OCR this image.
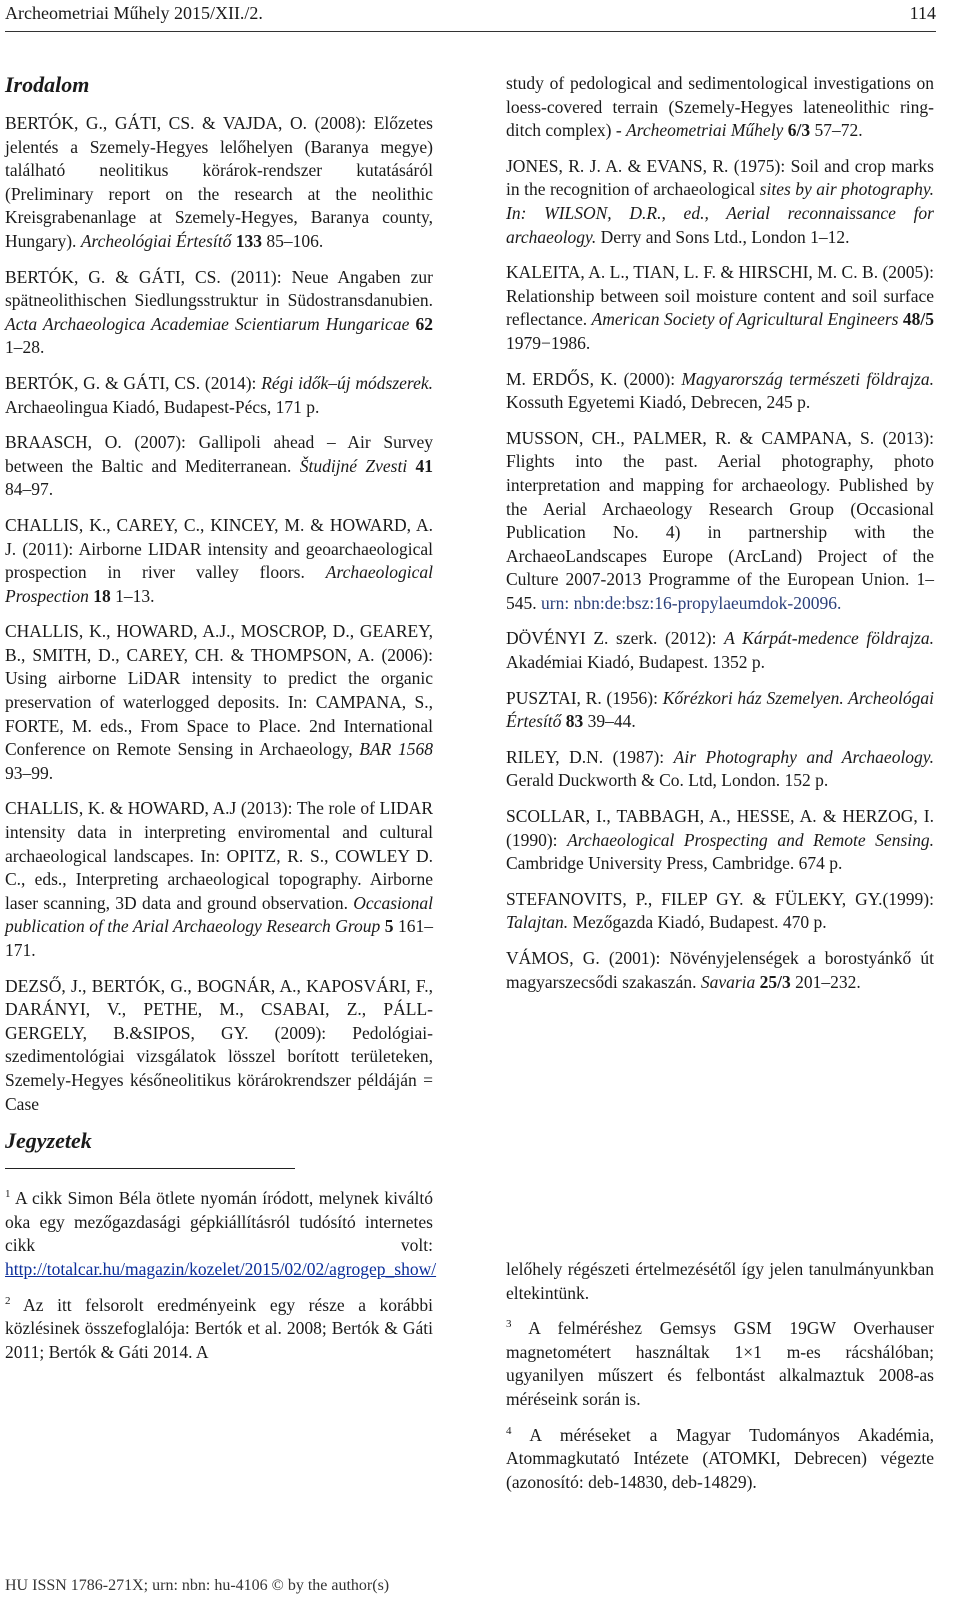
Archeometriai Műhely 2015/XII./2.	114
Irodalom

BERTÓK, G., GÁTI, CS. & VAJDA, O. (2008): Előzetes jelentés a Szemely-Hegyes lelőhelyen (Baranya megye) található neolitikus körárok-rendszer kutatásáról (Preliminary report on the research at the neolithic Kreisgrabenanlage at Szemely-Hegyes, Baranya county, Hungary). Archeológiai Értesítő 133 85–106.

BERTÓK, G. & GÁTI, CS. (2011): Neue Angaben zur spätneolithischen Siedlungsstruktur in Südostransdanubien. Acta Archaeologica Academiae Scientiarum Hungaricae 62 1–28.

BERTÓK, G. & GÁTI, CS. (2014): Régi idők–új módszerek. Archaeolingua Kiadó, Budapest-Pécs, 171 p.

BRAASCH, O. (2007): Gallipoli ahead – Air Survey between the Baltic and Mediterranean. Študijné Zvesti 41 84–97.

CHALLIS, K., CAREY, C., KINCEY, M. & HOWARD, A. J. (2011): Airborne LIDAR intensity and geoarchaeological prospection in river valley floors. Archaeological Prospection 18 1–13.

CHALLIS, K., HOWARD, A.J., MOSCROP, D., GEAREY, B., SMITH, D., CAREY, CH. & THOMPSON, A. (2006): Using airborne LiDAR intensity to predict the organic preservation of waterlogged deposits. In: CAMPANA, S., FORTE, M. eds., From Space to Place. 2nd International Conference on Remote Sensing in Archaeology, BAR 1568 93–99.

CHALLIS, K. & HOWARD, A.J (2013): The role of LIDAR intensity data in interpreting enviromental and cultural archaeological landscapes. In: OPITZ, R. S., COWLEY D. C., eds., Interpreting archaeological topography. Airborne laser scanning, 3D data and ground observation. Occasional publication of the Arial Archaeology Research Group 5 161–171.

DEZSŐ, J., BERTÓK, G., BOGNÁR, A., KAPOSVÁRI, F., DARÁNYI, V., PETHE, M., CSABAI, Z., PÁLL-GERGELY, B.&SIPOS, GY. (2009): Pedológiai-szedimentológiai vizsgálatok lösszel borított területeken, Szemely-Hegyes későneolitikus körárokrendszer példáján = Case

Jegyzetek

$^1$ A cikk Simon Béla ötlete nyomán íródott, melynek kiváltó oka egy mezőgazdasági gépkiállításról tudósító internetes cikk volt: http://totalcar.hu/magazin/kozelet/2015/02/02/agrogep_show/

$^2$ Az itt felsorolt eredményeink egy része a korábbi közlésinek összefoglalója: Bertók et al. 2008; Bertók & Gáti 2011; Bertók & Gáti 2014. A

study of pedological and sedimentological investigations on loess-covered terrain (Szemely-Hegyes lateneolithic ring-ditch complex) - Archeometriai Műhely 6/3 57–72.

JONES, R. J. A. & EVANS, R. (1975): Soil and crop marks in the recognition of archaeological sites by air photography. In: WILSON, D.R., ed., Aerial reconnaissance for archaeology. Derry and Sons Ltd., London 1–12.

KALEITA, A. L., TIAN, L. F. & HIRSCHI, M. C. B. (2005): Relationship between soil moisture content and soil surface reflectance. American Society of Agricultural Engineers 48/5 1979−1986.

M. ERDŐS, K. (2000): Magyarország természeti földrajza. Kossuth Egyetemi Kiadó, Debrecen, 245 p.

MUSSON, CH., PALMER, R. & CAMPANA, S. (2013): Flights into the past. Aerial photography, photo interpretation and mapping for archaeology. Published by the Aerial Archaeology Research Group (Occasional Publication No. 4) in partnership with the ArchaeoLandscapes Europe (ArcLand) Project of the Culture 2007-2013 Programme of the European Union. 1–545. urn: nbn:de:bsz:16-propylaeumdok-20096.

DÖVÉNYI Z. szerk. (2012): A Kárpát-medence földrajza. Akadémiai Kiadó, Budapest. 1352 p.

PUSZTAI, R. (1956): Kőrézkori ház Szemelyen. Archeológai Értesítő 83 39–44.

RILEY, D.N. (1987): Air Photography and Archaeology. Gerald Duckworth & Co. Ltd, London. 152 p.

SCOLLAR, I., TABBAGH, A., HESSE, A. & HERZOG, I. (1990): Archaeological Prospecting and Remote Sensing. Cambridge University Press, Cambridge. 674 p.

STEFANOVITS, P., FILEP GY. & FÜLEKY, GY.(1999): Talajtan. Mezőgazda Kiadó, Budapest. 470 p.

VÁMOS, G. (2001): Növényjelenségek a borostyánkő út magyarszecsődi szakaszán. Savaria 25/3 201–232.

lelőhely régészeti értelmezésétől így jelen tanulmányunkban eltekintünk.

$^3$ A felméréshez Gemsys GSM 19GW Overhauser magnetométert használtak 1×1 m-es rácshálóban; ugyanilyen műszert és felbontást alkalmaztuk 2008-as méréseink során is.

$^4$ A méréseket a Magyar Tudományos Akadémia, Atommagkutató Intézete (ATOMKI, Debrecen) végezte (azonosító: deb-14830, deb-14829).

HU ISSN 1786-271X; urn: nbn: hu-4106 © by the author(s)
